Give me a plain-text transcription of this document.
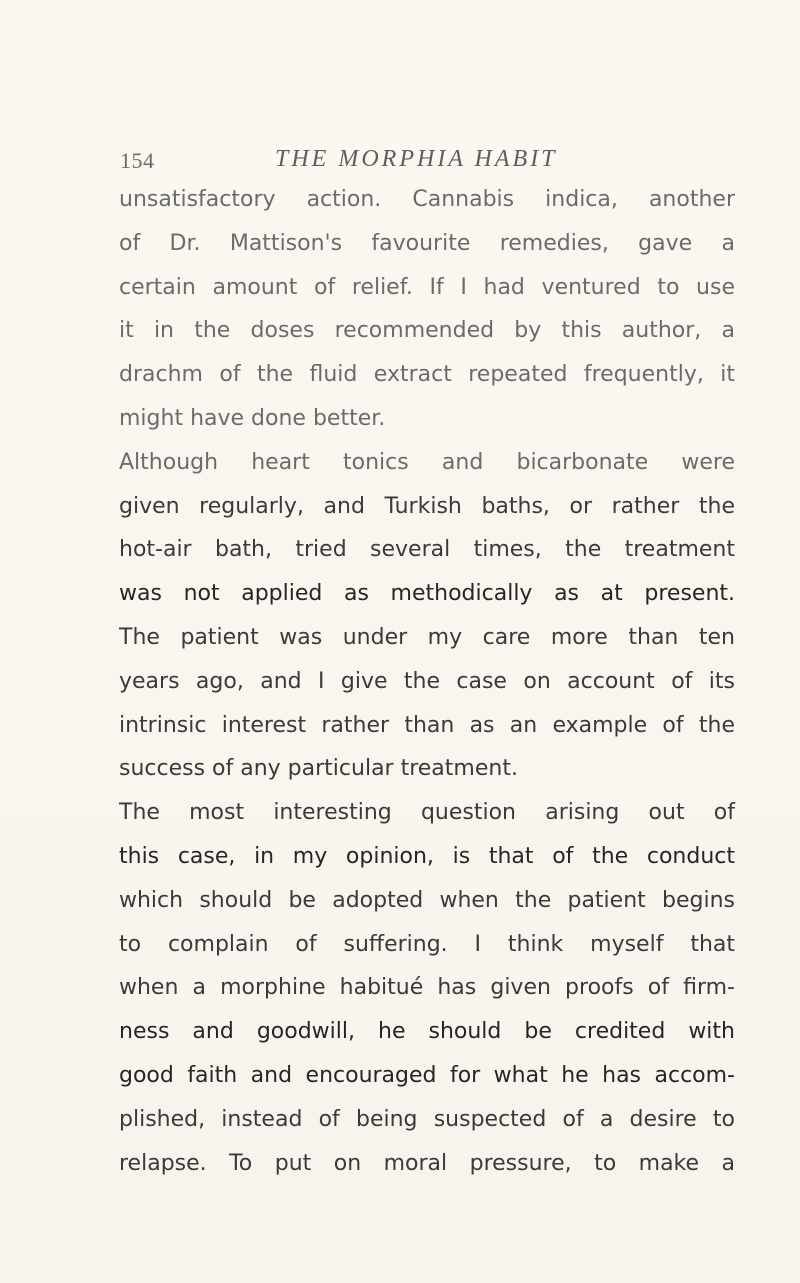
154	THE MORPHIA HABIT
unsatisfactory action. Cannabis indica, another
of Dr. Mattison's favourite remedies, gave a
certain amount of relief. If I had ventured to use
it in the doses recommended by this author, a
drachm of the fluid extract repeated frequently, it
might have done better.
Although heart tonics and bicarbonate were
given regularly, and Turkish baths, or rather the
hot-air bath, tried several times, the treatment
was not applied as methodically as at present.
The patient was under my care more than ten
years ago, and I give the case on account of its
intrinsic interest rather than as an example of the
success of any particular treatment.
The most interesting question arising out of
this case, in my opinion, is that of the conduct
which should be adopted when the patient begins
to complain of suffering. I think myself that
when a morphine habitué has given proofs of firm-
ness and goodwill, he should be credited with
good faith and encouraged for what he has accom-
plished, instead of being suspected of a desire to
relapse. To put on moral pressure, to make a
